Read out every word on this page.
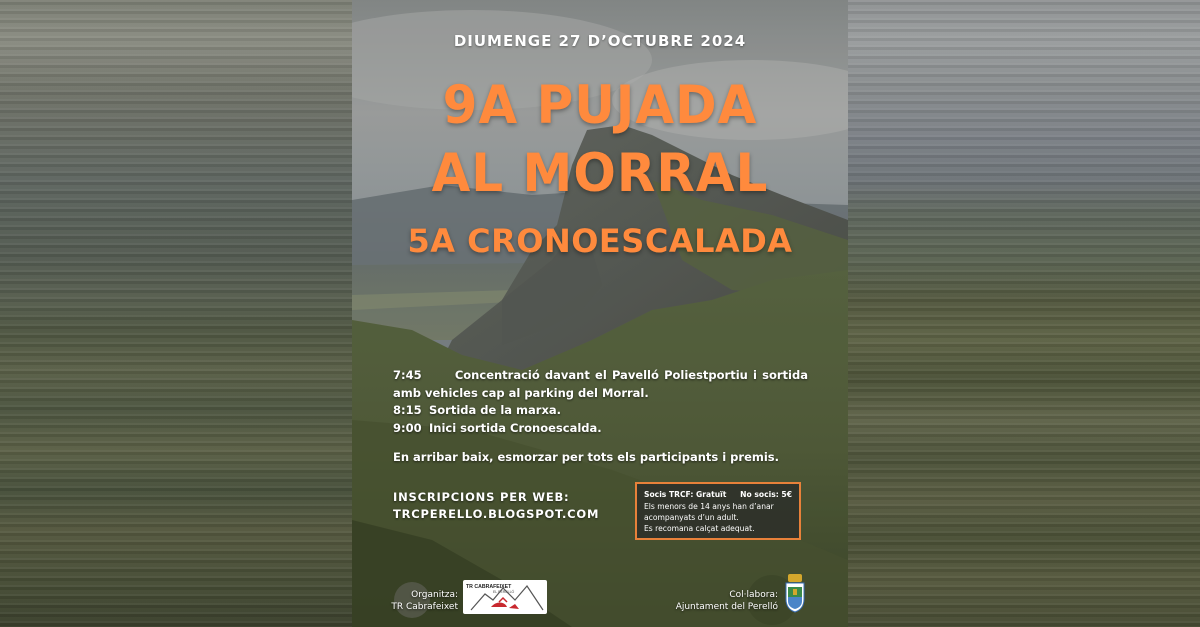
DIUMENGE 27 D’OCTUBRE 2024
9A PUJADA
AL MORRAL
5A CRONOESCALADA
7:45	Concentració davant el Pavelló Poliestportiu i sortida amb vehicles cap al parking del Morral.
8:15 Sortida de la marxa.
9:00 Inici sortida Cronoescalda.
En arribar baix, esmorzar per tots els participants i premis.
INSCRIPCIONS PER WEB:
TRCPERELLO.BLOGSPOT.COM
Socis TRCF: Gratuït No socis: 5€
Els menors de 14 anys han d’anar
acompanyats d’un adult.
Es recomana calçat adequat.
Organitza:
TR Cabrafeixet
TR CABRAFEIXET
EL PERELLÓ	Col·labora:
Ajuntament del Perelló
